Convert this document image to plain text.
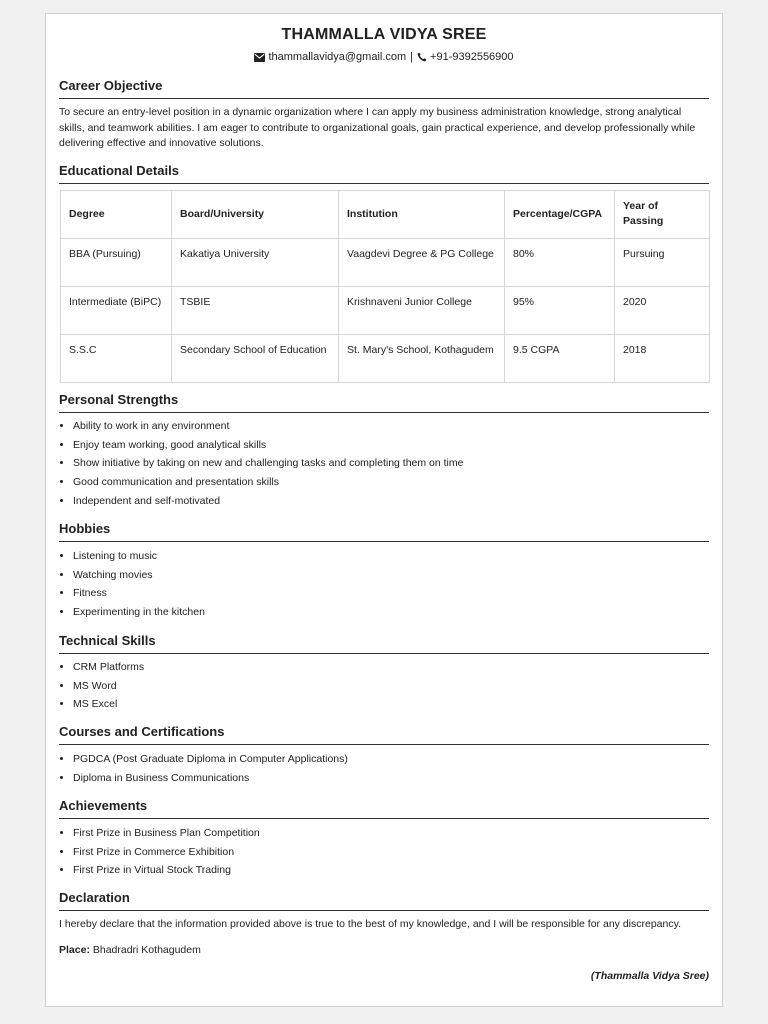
THAMMALLA VIDYA SREE
thammallavidya@gmail.com | +91-9392556900
Career Objective
To secure an entry-level position in a dynamic organization where I can apply my business administration knowledge, strong analytical skills, and teamwork abilities. I am eager to contribute to organizational goals, gain practical experience, and develop professionally while delivering effective and innovative solutions.
Educational Details
Degree	Board/University	Institution	Percentage/CGPA	Year of Passing
BBA (Pursuing)	Kakatiya University	Vaagdevi Degree & PG College	80%	Pursuing
Intermediate (BiPC)	TSBIE	Krishnaveni Junior College	95%	2020
S.S.C	Secondary School of Education	St. Mary's School, Kothagudem	9.5 CGPA	2018
Personal Strengths
• Ability to work in any environment
• Enjoy team working, good analytical skills
• Show initiative by taking on new and challenging tasks and completing them on time
• Good communication and presentation skills
• Independent and self-motivated
Hobbies
• Listening to music
• Watching movies
• Fitness
• Experimenting in the kitchen
Technical Skills
• CRM Platforms
• MS Word
• MS Excel
Courses and Certifications
• PGDCA (Post Graduate Diploma in Computer Applications)
• Diploma in Business Communications
Achievements
• First Prize in Business Plan Competition
• First Prize in Commerce Exhibition
• First Prize in Virtual Stock Trading
Declaration
I hereby declare that the information provided above is true to the best of my knowledge, and I will be responsible for any discrepancy.
Place: Bhadradri Kothagudem
(Thammalla Vidya Sree)
